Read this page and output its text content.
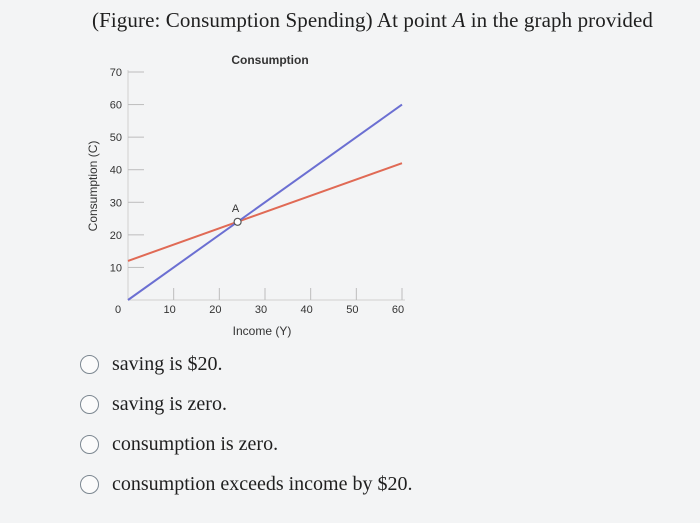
(Figure: Consumption Spending) At point A in the graph provided
10
20
30
40
50
60
70
10	20	30	40	50	60
A
Consumption
Income (Y)
Consumption (C)
0
saving is $20.
saving is zero.
consumption is zero.
consumption exceeds income by $20.
